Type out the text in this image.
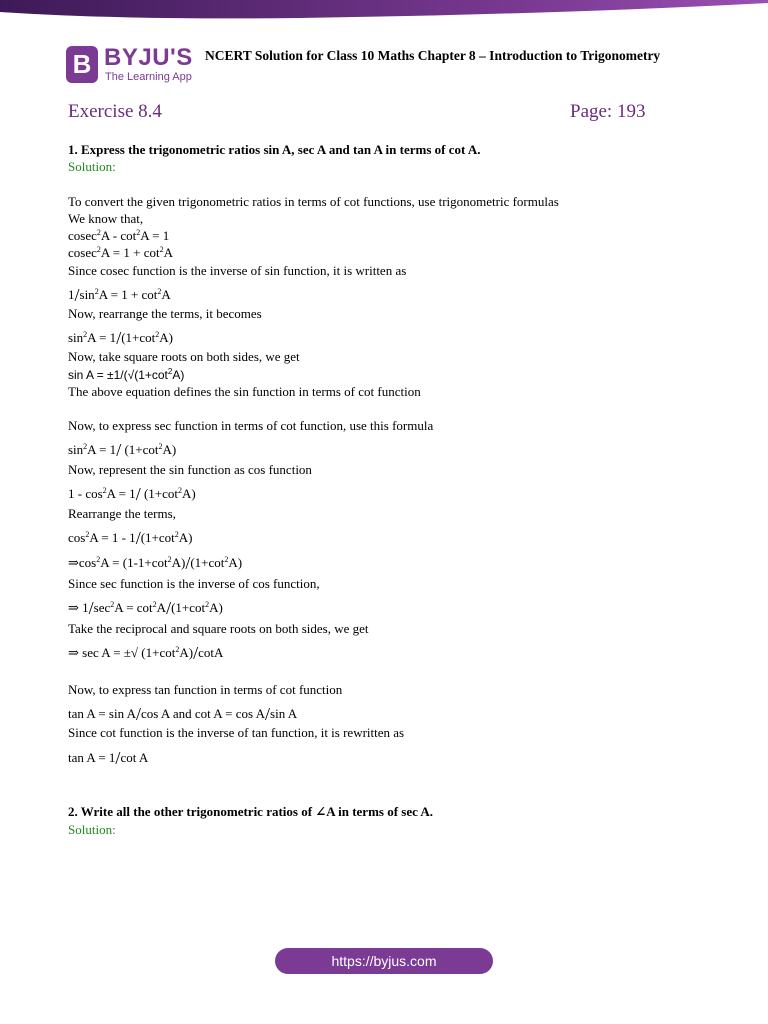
B BYJU'S
The Learning App
NCERT Solution for Class 10 Maths Chapter 8 – Introduction to Trigonometry
Exercise 8.4	Page: 193
1. Express the trigonometric ratios sin A, sec A and tan A in terms of cot A.
Solution:
To convert the given trigonometric ratios in terms of cot functions, use trigonometric formulas
We know that,
$cosec^2A - \cot^2A = 1$
$cosec^2A = 1 + \cot^2A$
Since cosec function is the inverse of sin function, it is written as
$1/\sin^2A = 1 + \cot^2A$
Now, rearrange the terms, it becomes
$\sin^2A = 1/(1+\cot^2A)$
Now, take square roots on both sides, we get
$\sin A = \pm 1/(√(1+\cot^2A)$
The above equation defines the sin function in terms of cot function
Now, to express sec function in terms of cot function, use this formula
$\sin^2A = 1/$ $(1+\cot^2A)$
Now, represent the sin function as cos function
$1 - \cos^2A = 1/$ $(1+\cot^2A)$
Rearrange the terms,
$\cos^2A = 1 - 1/(1+\cot^2A)$
$\Rightarrow\cos^2A = (1-1+\cot^2A)/(1+\cot^2A)$
Since sec function is the inverse of cos function,
⇒ $1/\sec^2A = \cot^2A/(1+\cot^2A)$
Take the reciprocal and square roots on both sides, we get
⇒ sec A = ±√ $(1+\cot^2A)$/cotA
Now, to express tan function in terms of cot function
tan A = sin A/cos A and cot A = cos A/sin A
Since cot function is the inverse of tan function, it is rewritten as
tan A = 1/cot A
2. Write all the other trigonometric ratios of ∠A in terms of sec A.
Solution:
https://byjus.com
